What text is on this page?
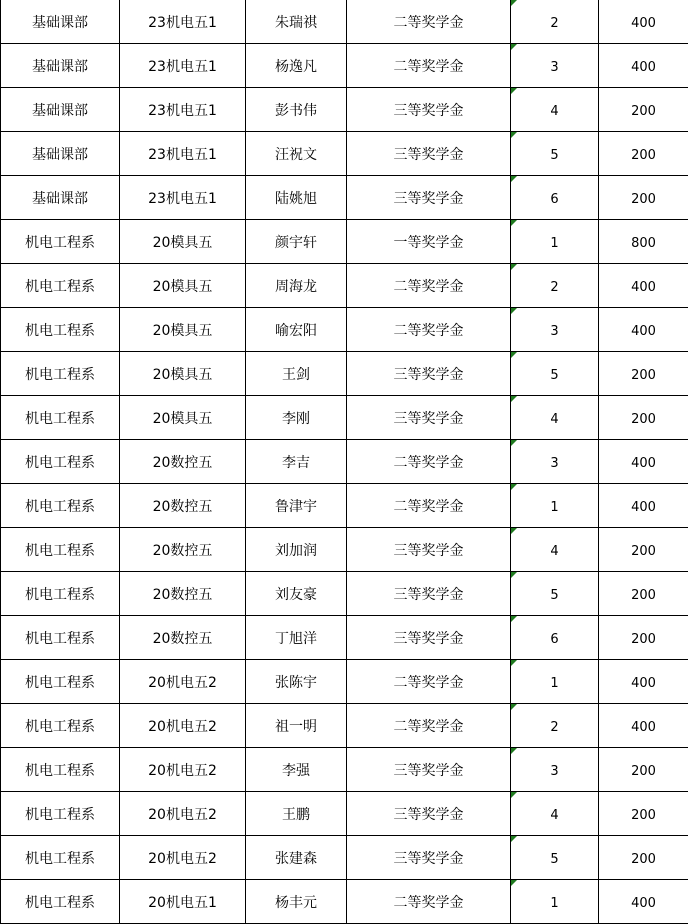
基础课部	23机电五1	朱瑞祺	二等奖学金	2	400
基础课部	23机电五1	杨逸凡	二等奖学金	3	400
基础课部	23机电五1	彭书伟	三等奖学金	4	200
基础课部	23机电五1	汪祝文	三等奖学金	5	200
基础课部	23机电五1	陆姚旭	三等奖学金	6	200
机电工程系	20模具五	颜宇轩	一等奖学金	1	800
机电工程系	20模具五	周海龙	二等奖学金	2	400
机电工程系	20模具五	喻宏阳	二等奖学金	3	400
机电工程系	20模具五	王剑	三等奖学金	5	200
机电工程系	20模具五	李刚	三等奖学金	4	200
机电工程系	20数控五	李吉	二等奖学金	3	400
机电工程系	20数控五	鲁津宇	二等奖学金	1	400
机电工程系	20数控五	刘加润	三等奖学金	4	200
机电工程系	20数控五	刘友豪	三等奖学金	5	200
机电工程系	20数控五	丁旭洋	三等奖学金	6	200
机电工程系	20机电五2	张陈宇	二等奖学金	1	400
机电工程系	20机电五2	祖一明	二等奖学金	2	400
机电工程系	20机电五2	李强	三等奖学金	3	200
机电工程系	20机电五2	王鹏	三等奖学金	4	200
机电工程系	20机电五2	张建森	三等奖学金	5	200
机电工程系	20机电五1	杨丰元	二等奖学金	1	400
